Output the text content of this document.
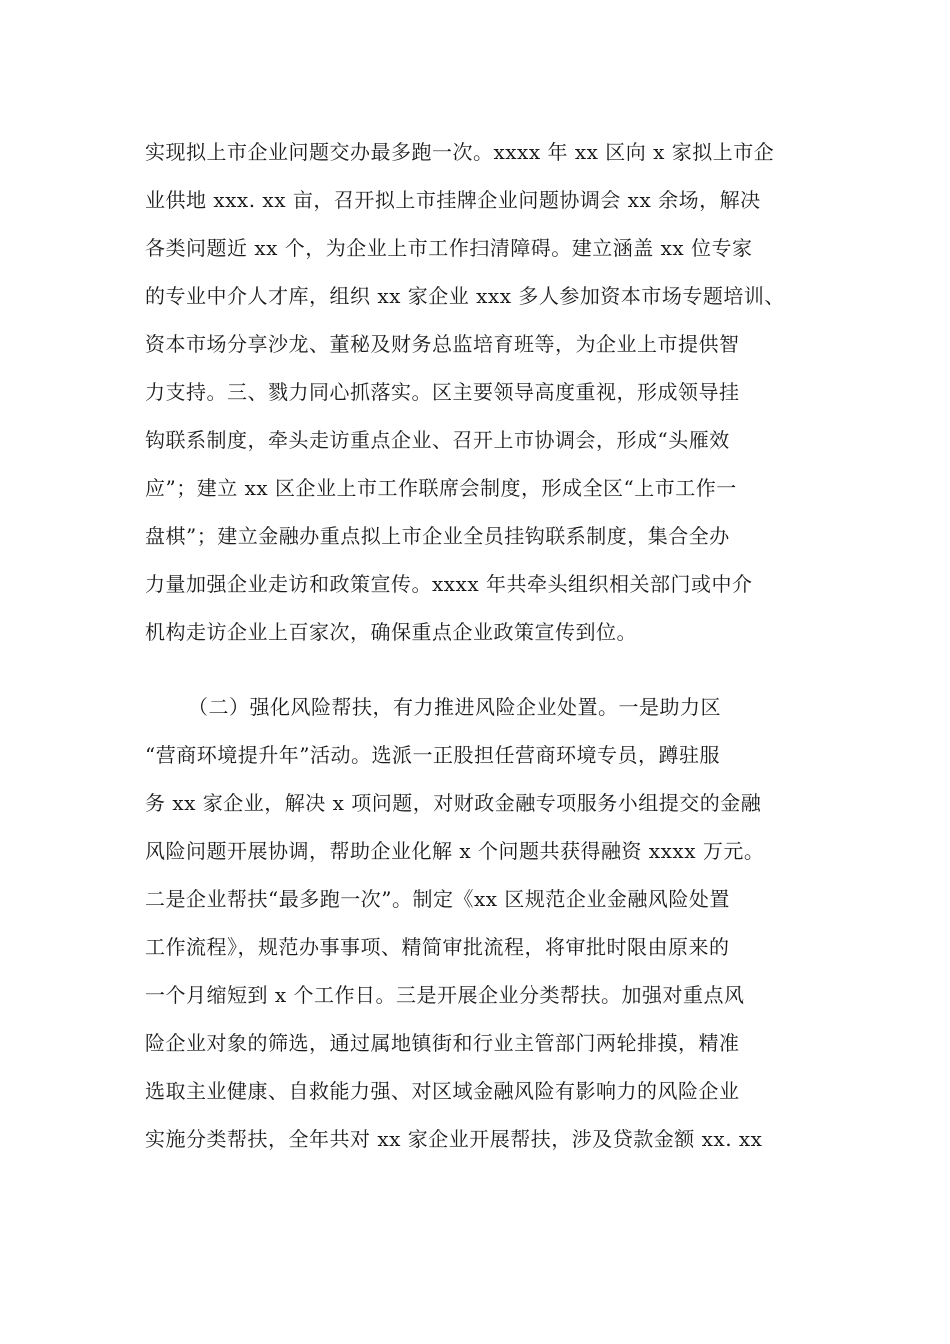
实现拟上市企业问题交办最多跑一次。xxxx 年 xx 区向 x 家拟上市企
业供地 xxx. xx 亩，召开拟上市挂牌企业问题协调会 xx 余场，解决
各类问题近 xx 个，为企业上市工作扫清障碍。建立涵盖 xx 位专家
的专业中介人才库，组织 xx 家企业 xxx 多人参加资本市场专题培训、
资本市场分享沙龙、董秘及财务总监培育班等，为企业上市提供智
力支持。三、戮力同心抓落实。区主要领导高度重视，形成领导挂
钩联系制度，牵头走访重点企业、召开上市协调会，形成“头雁效
应”；建立 xx 区企业上市工作联席会制度，形成全区“上市工作一
盘棋”；建立金融办重点拟上市企业全员挂钩联系制度，集合全办
力量加强企业走访和政策宣传。xxxx 年共牵头组织相关部门或中介
机构走访企业上百家次，确保重点企业政策宣传到位。
（二）强化风险帮扶，有力推进风险企业处置。一是助力区
“营商环境提升年”活动。选派一正股担任营商环境专员，蹲驻服
务 xx 家企业，解决 x 项问题，对财政金融专项服务小组提交的金融
风险问题开展协调，帮助企业化解 x 个问题共获得融资 xxxx 万元。
二是企业帮扶“最多跑一次”。制定《xx 区规范企业金融风险处置
工作流程》，规范办事事项、精简审批流程，将审批时限由原来的
一个月缩短到 x 个工作日。三是开展企业分类帮扶。加强对重点风
险企业对象的筛选，通过属地镇街和行业主管部门两轮排摸，精准
选取主业健康、自救能力强、对区域金融风险有影响力的风险企业
实施分类帮扶，全年共对 xx 家企业开展帮扶，涉及贷款金额 xx. xx
